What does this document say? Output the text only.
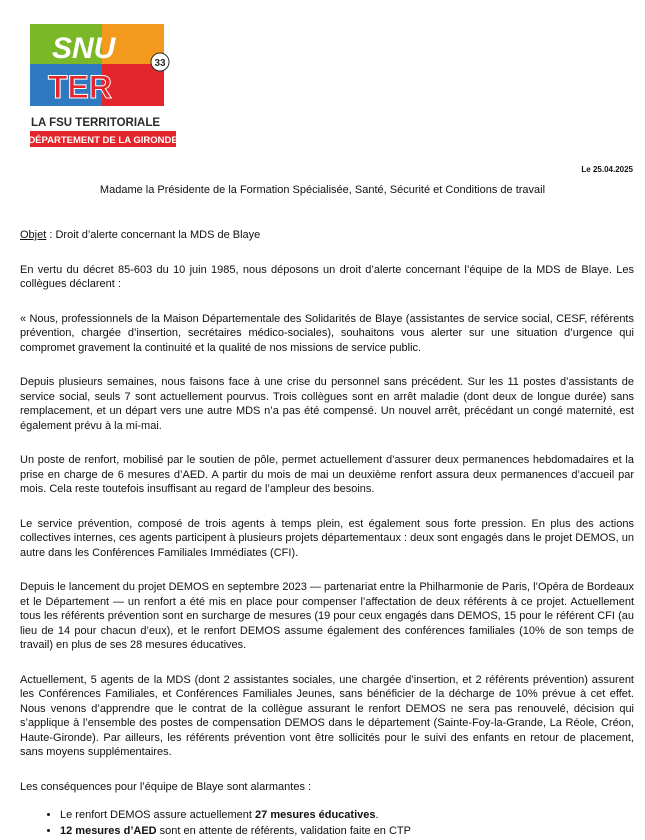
SNU
TER
33
LA FSU TERRITORIALE
DÉPARTEMENT DE LA GIRONDE
Le 25.04.2025
Madame la Présidente de la Formation Spécialisée, Santé, Sécurité et Conditions de travail

Objet : Droit d’alerte concernant la MDS de Blaye

En vertu du décret 85-603 du 10 juin 1985, nous déposons un droit d’alerte concernant l’équipe de la MDS de Blaye. Les collègues déclarent :

« Nous, professionnels de la Maison Départementale des Solidarités de Blaye (assistantes de service social, CESF, référents prévention, chargée d’insertion, secrétaires médico-sociales), souhaitons vous alerter sur une situation d’urgence qui compromet gravement la continuité et la qualité de nos missions de service public.

Depuis plusieurs semaines, nous faisons face à une crise du personnel sans précédent. Sur les 11 postes d’assistants de service social, seuls 7 sont actuellement pourvus. Trois collègues sont en arrêt maladie (dont deux de longue durée) sans remplacement, et un départ vers une autre MDS n’a pas été compensé. Un nouvel arrêt, précédant un congé maternité, est également prévu à la mi-mai.

Un poste de renfort, mobilisé par le soutien de pôle, permet actuellement d’assurer deux permanences hebdomadaires et la prise en charge de 6 mesures d’AED. A partir du mois de mai un deuxième renfort assura deux permanences d’accueil par mois. Cela reste toutefois insuffisant au regard de l’ampleur des besoins.

Le service prévention, composé de trois agents à temps plein, est également sous forte pression. En plus des actions collectives internes, ces agents participent à plusieurs projets départementaux : deux sont engagés dans le projet DEMOS, un autre dans les Conférences Familiales Immédiates (CFI).

Depuis le lancement du projet DEMOS en septembre 2023 — partenariat entre la Philharmonie de Paris, l’Opéra de Bordeaux et le Département — un renfort a été mis en place pour compenser l’affectation de deux référents à ce projet. Actuellement tous les référents prévention sont en surcharge de mesures (19 pour ceux engagés dans DEMOS, 15 pour le référent CFI (au lieu de 14 pour chacun d’eux), et le renfort DEMOS assume également des conférences familiales (10% de son temps de travail) en plus de ses 28 mesures éducatives.

Actuellement, 5 agents de la MDS (dont 2 assistantes sociales, une chargée d’insertion, et 2 référents prévention) assurent les Conférences Familiales, et Conférences Familiales Jeunes, sans bénéficier de la décharge de 10% prévue à cet effet. Nous venons d’apprendre que le contrat de la collègue assurant le renfort DEMOS ne sera pas renouvelé, décision qui s’applique à l’ensemble des postes de compensation DEMOS dans le département (Sainte-Foy-la-Grande, La Réole, Créon, Haute-Gironde). Par ailleurs, les référents prévention vont être sollicités pour le suivi des enfants en retour de placement, sans moyens supplémentaires.

Les conséquences pour l’équipe de Blaye sont alarmantes :

• Le renfort DEMOS assure actuellement 27 mesures éducatives.
• 12 mesures d’AED sont en attente de référents, validation faite en CTP
